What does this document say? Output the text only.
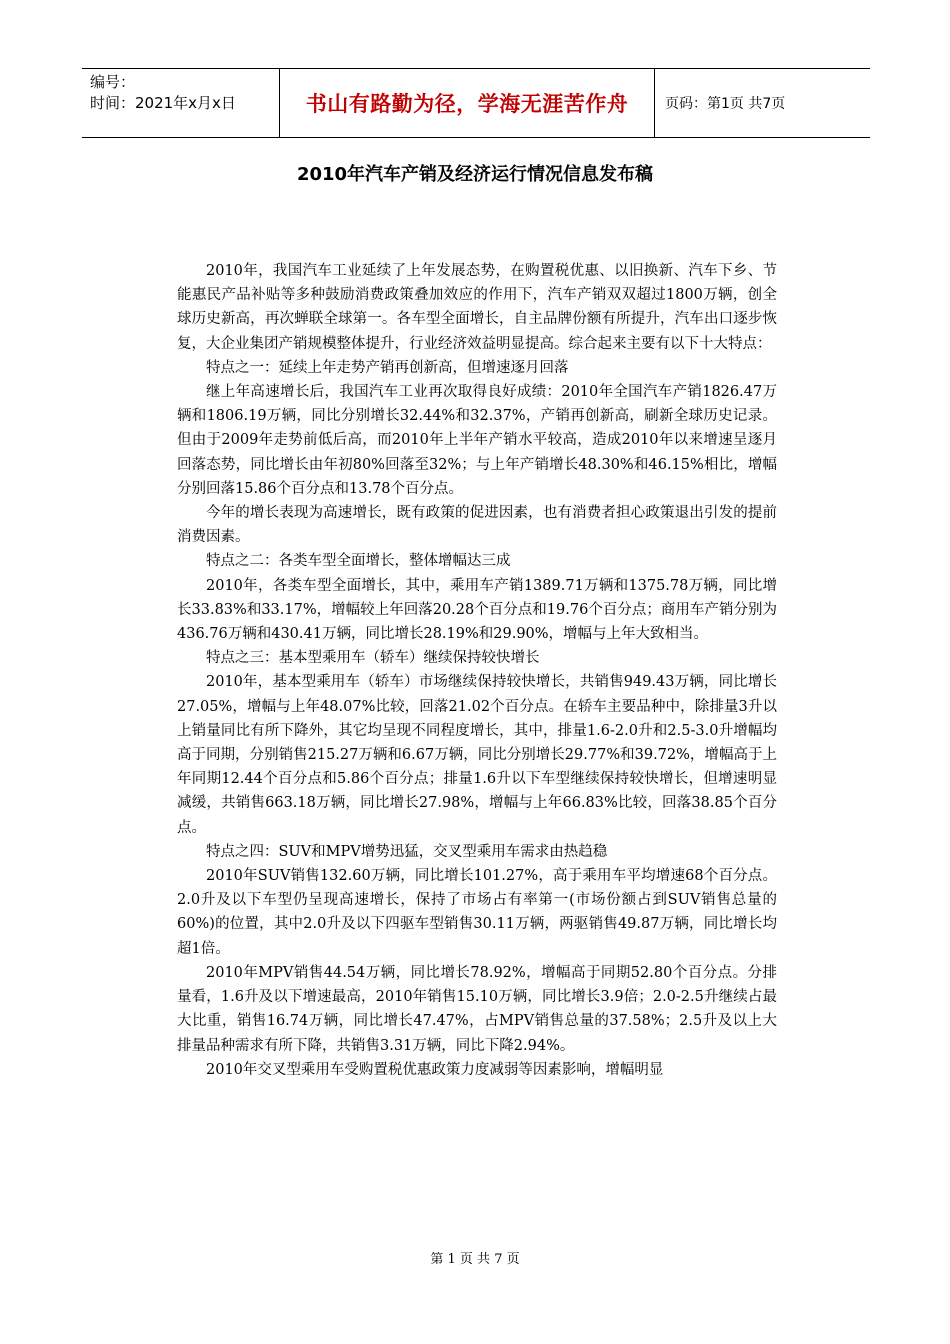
编号：
时间：2021年x月x日	书山有路勤为径，学海无涯苦作舟	页码：第1页 共7页
2010年汽车产销及经济运行情况信息发布稿

2010年，我国汽车工业延续了上年发展态势，在购置税优惠、以旧换新、汽车下乡、节能惠民产品补贴等多种鼓励消费政策叠加效应的作用下，汽车产销双双超过1800万辆，创全球历史新高，再次蝉联全球第一。各车型全面增长，自主品牌份额有所提升，汽车出口逐步恢复，大企业集团产销规模整体提升，行业经济效益明显提高。综合起来主要有以下十大特点：

特点之一：延续上年走势产销再创新高，但增速逐月回落

继上年高速增长后，我国汽车工业再次取得良好成绩：2010年全国汽车产销1826.47万辆和1806.19万辆，同比分别增长32.44%和32.37%，产销再创新高，刷新全球历史记录。但由于2009年走势前低后高，而2010年上半年产销水平较高，造成2010年以来增速呈逐月回落态势，同比增长由年初80%回落至32%；与上年产销增长48.30%和46.15%相比，增幅分别回落15.86个百分点和13.78个百分点。

今年的增长表现为高速增长，既有政策的促进因素，也有消费者担心政策退出引发的提前消费因素。

特点之二：各类车型全面增长，整体增幅达三成

2010年，各类车型全面增长，其中，乘用车产销1389.71万辆和1375.78万辆，同比增长33.83%和33.17%，增幅较上年回落20.28个百分点和19.76个百分点；商用车产销分别为436.76万辆和430.41万辆，同比增长28.19%和29.90%，增幅与上年大致相当。

特点之三：基本型乘用车（轿车）继续保持较快增长

2010年，基本型乘用车（轿车）市场继续保持较快增长，共销售949.43万辆，同比增长27.05%，增幅与上年48.07%比较，回落21.02个百分点。在轿车主要品种中，除排量3升以上销量同比有所下降外，其它均呈现不同程度增长，其中，排量1.6-2.0升和2.5-3.0升增幅均高于同期，分别销售215.27万辆和6.67万辆，同比分别增长29.77%和39.72%，增幅高于上年同期12.44个百分点和5.86个百分点；排量1.6升以下车型继续保持较快增长，但增速明显减缓，共销售663.18万辆，同比增长27.98%，增幅与上年66.83%比较，回落38.85个百分点。

特点之四：SUV和MPV增势迅猛，交叉型乘用车需求由热趋稳

2010年SUV销售132.60万辆，同比增长101.27%，高于乘用车平均增速68个百分点。2.0升及以下车型仍呈现高速增长，保持了市场占有率第一(市场份额占到SUV销售总量的60%)的位置，其中2.0升及以下四驱车型销售30.11万辆，两驱销售49.87万辆，同比增长均超1倍。

2010年MPV销售44.54万辆，同比增长78.92%，增幅高于同期52.80个百分点。分排量看，1.6升及以下增速最高，2010年销售15.10万辆，同比增长3.9倍；2.0-2.5升继续占最大比重，销售16.74万辆，同比增长47.47%，占MPV销售总量的37.58%；2.5升及以上大排量品种需求有所下降，共销售3.31万辆，同比下降2.94%。

2010年交叉型乘用车受购置税优惠政策力度减弱等因素影响，增幅明显

第 1 页 共 7 页
